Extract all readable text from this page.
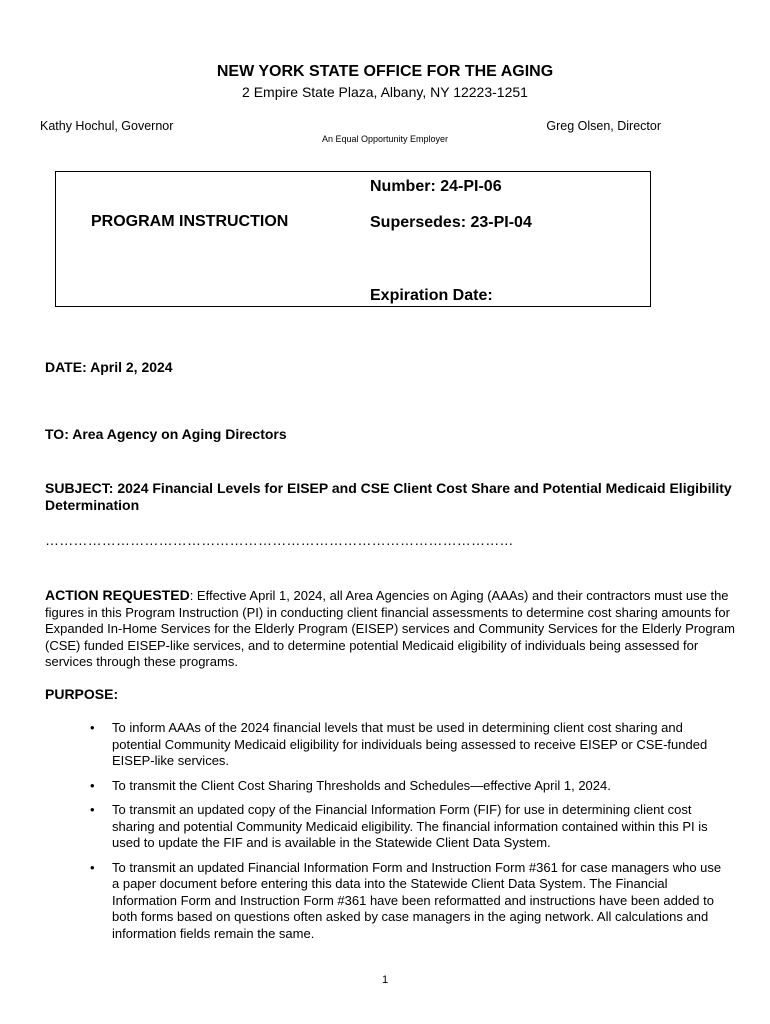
NEW YORK STATE OFFICE FOR THE AGING
2 Empire State Plaza, Albany, NY 12223-1251
Kathy Hochul, Governor	Greg Olsen, Director
An Equal Opportunity Employer
PROGRAM INSTRUCTION
Number: 24-PI-06
Supersedes: 23-PI-04
Expiration Date:
DATE: April 2, 2024
TO: Area Agency on Aging Directors
SUBJECT: 2024 Financial Levels for EISEP and CSE Client Cost Share and Potential Medicaid Eligibility Determination
………………………………………………………………………………………
ACTION REQUESTED: Effective April 1, 2024, all Area Agencies on Aging (AAAs) and their contractors must use the figures in this Program Instruction (PI) in conducting client financial assessments to determine cost sharing amounts for Expanded In-Home Services for the Elderly Program (EISEP) services and Community Services for the Elderly Program (CSE) funded EISEP-like services, and to determine potential Medicaid eligibility of individuals being assessed for services through these programs.
PURPOSE:
• To inform AAAs of the 2024 financial levels that must be used in determining client cost sharing and potential Community Medicaid eligibility for individuals being assessed to receive EISEP or CSE-funded EISEP-like services.
• To transmit the Client Cost Sharing Thresholds and Schedules—effective April 1, 2024.
• To transmit an updated copy of the Financial Information Form (FIF) for use in determining client cost sharing and potential Community Medicaid eligibility. The financial information contained within this PI is used to update the FIF and is available in the Statewide Client Data System.
• To transmit an updated Financial Information Form and Instruction Form #361 for case managers who use a paper document before entering this data into the Statewide Client Data System. The Financial Information Form and Instruction Form #361 have been reformatted and instructions have been added to both forms based on questions often asked by case managers in the aging network. All calculations and information fields remain the same.
1
